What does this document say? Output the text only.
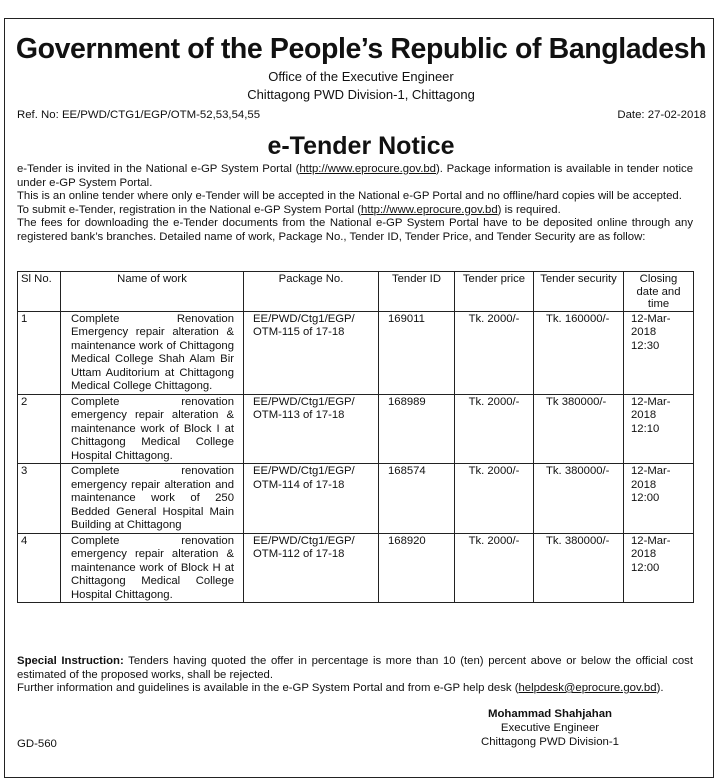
Government of the People’s Republic of Bangladesh
Office of the Executive Engineer
Chittagong PWD Division-1, Chittagong
Ref. No: EE/PWD/CTG1/EGP/OTM-52,53,54,55	Date: 27-02-2018
e-Tender Notice

e-Tender is invited in the National e-GP System Portal (http://www.eprocure.gov.bd). Package information is available in tender notice under e-GP System Portal.

This is an online tender where only e-Tender will be accepted in the National e-GP Portal and no offline/hard copies will be accepted.

To submit e-Tender, registration in the National e-GP System Portal (http://www.eprocure.gov.bd) is required.

The fees for downloading the e-Tender documents from the National e-GP System Portal have to be deposited online through any registered bank’s branches. Detailed name of work, Package No., Tender ID, Tender Price, and Tender Security are as follow:

Sl No.	Name of work	Package No.	Tender ID	Tender price	Tender security	Closing date and time
1	Complete Renovation Emergency repair alteration & maintenance work of Chittagong Medical College Shah Alam Bir Uttam Auditorium at Chittagong Medical College Chittagong.	EE/PWD/Ctg1/EGP/ OTM-115 of 17-18	169011	Tk. 2000/-	Tk. 160000/-	12-Mar-2018
12:30

2	Complete renovation emergency repair alteration & maintenance work of Block I at Chittagong Medical College Hospital Chittagong.	EE/PWD/Ctg1/EGP/ OTM-113 of 17-18	168989	Tk. 2000/-	Tk 380000/-	12-Mar-2018
12:10

3	Complete renovation emergency repair alteration and maintenance work of 250 Bedded General Hospital Main Building at Chittagong	EE/PWD/Ctg1/EGP/ OTM-114 of 17-18	168574	Tk. 2000/-	Tk. 380000/-	12-Mar-2018
12:00

4	Complete renovation emergency repair alteration & maintenance work of Block H at Chittagong Medical College Hospital Chittagong.	EE/PWD/Ctg1/EGP/ OTM-112 of 17-18	168920	Tk. 2000/-	Tk. 380000/-	12-Mar-2018
12:00

Special Instruction: Tenders having quoted the offer in percentage is more than 10 (ten) percent above or below the official cost estimated of the proposed works, shall be rejected.

Further information and guidelines is available in the e-GP System Portal and from e-GP help desk (helpdesk@eprocure.gov.bd).

Mohammad Shahjahan
Executive Engineer
Chittagong PWD Division-1
GD-560
